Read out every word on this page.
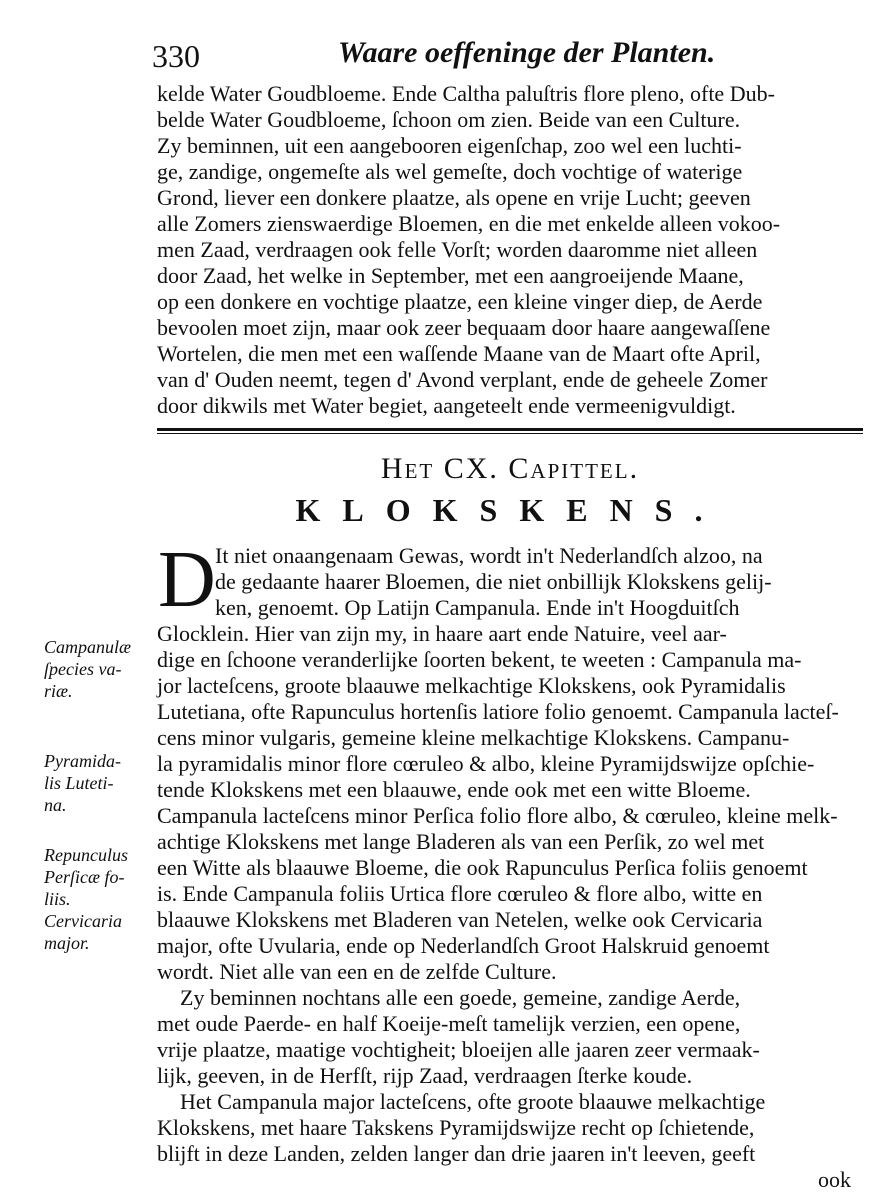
330	Waare oeffeninge der Planten.
kelde Water Goudbloeme. Ende Caltha paluſtris flore pleno, ofte Dub-
belde Water Goudbloeme, ſchoon om zien. Beide van een Culture.
Zy beminnen, uit een aangebooren eigenſchap, zoo wel een luchti-
ge, zandige, ongemeſte als wel gemeſte, doch vochtige of waterige
Grond, liever een donkere plaatze, als opene en vrije Lucht; geeven
alle Zomers zienswaerdige Bloemen, en die met enkelde alleen vokoo-
men Zaad, verdraagen ook felle Vorſt; worden daaromme niet alleen
door Zaad, het welke in September, met een aangroeijende Maane,
op een donkere en vochtige plaatze, een kleine vinger diep, de Aerde
bevoolen moet zijn, maar ook zeer bequaam door haare aangewaſſene
Wortelen, die men met een waſſende Maane van de Maart ofte April,
van d' Ouden neemt, tegen d' Avond verplant, ende de geheele Zomer
door dikwils met Water begiet, aangeteelt ende vermeenigvuldigt.
Het CX. Capittel.
KLOKSKENS.
D It niet onaangenaam Gewas, wordt in't Nederlandſch alzoo, na
de gedaante haarer Bloemen, die niet onbillijk Klokskens gelij-
ken, genoemt. Op Latijn Campanula. Ende in't Hoogduitſch
Glocklein. Hier van zijn my, in haare aart ende Natuire, veel aar-
dige en ſchoone veranderlijke ſoorten bekent, te weeten : Campanula ma-
jor lacteſcens, groote blaauwe melkachtige Klokskens, ook Pyramidalis
Lutetiana, ofte Rapunculus hortenſis latiore folio genoemt. Campanula lacteſ-
cens minor vulgaris, gemeine kleine melkachtige Klokskens. Campanu-
la pyramidalis minor flore cœruleo & albo, kleine Pyramijdswijze opſchie-
tende Klokskens met een blaauwe, ende ook met een witte Bloeme.
Campanula lacteſcens minor Perſica folio flore albo, & cœruleo, kleine melk-
achtige Klokskens met lange Bladeren als van een Perſik, zo wel met
een Witte als blaauwe Bloeme, die ook Rapunculus Perſica foliis genoemt
is. Ende Campanula foliis Urtica flore cœruleo & flore albo, witte en
blaauwe Klokskens met Bladeren van Netelen, welke ook Cervicaria
major, ofte Uvularia, ende op Nederlandſch Groot Halskruid genoemt
wordt. Niet alle van een en de zelfde Culture.
Zy beminnen nochtans alle een goede, gemeine, zandige Aerde,
met oude Paerde- en half Koeije-meſt tamelijk verzien, een opene,
vrije plaatze, maatige vochtigheit; bloeijen alle jaaren zeer vermaak-
lijk, geeven, in de Herfſt, rijp Zaad, verdraagen ſterke koude.
Het Campanula major lacteſcens, ofte groote blaauwe melkachtige
Klokskens, met haare Takskens Pyramijdswijze recht op ſchietende,
blijft in deze Landen, zelden langer dan drie jaaren in't leeven, geeft
ook
Campanulæ
ſpecies va-
riæ.
Pyramida-
lis Luteti-
na.
Repunculus
Perſicæ fo-
liis.
Cervicaria
major.
